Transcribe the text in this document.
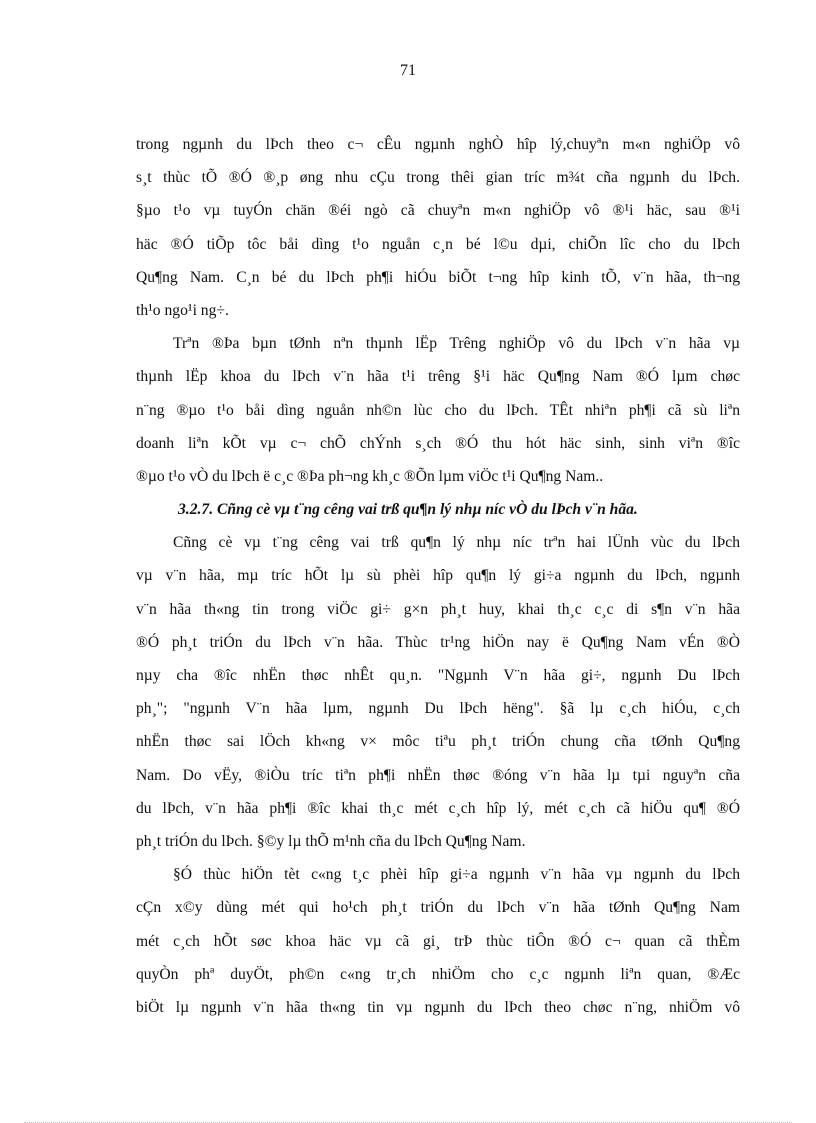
71
trong ngµnh du lÞch theo c¬ cÊu ngµnh nghÒ hîp lý,chuyªn m«n nghiÖp vô
s¸t thùc tÕ ®Ó ®¸p øng nhu cÇu trong thêi gian tríc m¾t cña ngµnh du lÞch.
§µo t¹o vµ tuyÓn chän ®éi ngò cã chuyªn m«n nghiÖp vô ®¹i häc, sau ®¹i
häc ®Ó tiÕp tôc båi dìng t¹o nguån c¸n bé l©u dµi, chiÕn lîc cho du lÞch
Qu¶ng Nam. C¸n bé du lÞch ph¶i hiÓu biÕt t¬ng hîp kinh tÕ, v¨n hãa, th¬ng
th¹o ngo¹i ng÷.
Trªn ®Þa bµn tØnh nªn thµnh lËp Trêng nghiÖp vô du lÞch v¨n hãa vµ
thµnh lËp khoa du lÞch v¨n hãa t¹i trêng §¹i häc Qu¶ng Nam ®Ó lµm chøc
n¨ng ®µo t¹o båi dìng nguån nh©n lùc cho du lÞch. TÊt nhiªn ph¶i cã sù liªn
doanh liªn kÕt vµ c¬ chÕ chÝnh s¸ch ®Ó thu hót häc sinh, sinh viªn ®îc
®µo t¹o vÒ du lÞch ë c¸c ®Þa ph¬ng kh¸c ®Õn lµm viÖc t¹i Qu¶ng Nam..
3.2.7. Cñng cè vµ t¨ng cêng vai trß qu¶n lý nhµ níc vÒ du lÞch v¨n hãa.
Cñng cè vµ t¨ng cêng vai trß qu¶n lý nhµ níc trªn hai lÜnh vùc du lÞch
vµ v¨n hãa, mµ tríc hÕt lµ sù phèi hîp qu¶n lý gi÷a ngµnh du lÞch, ngµnh
v¨n hãa th«ng tin trong viÖc gi÷ g×n ph¸t huy, khai th¸c c¸c di s¶n v¨n hãa
®Ó ph¸t triÓn du lÞch v¨n hãa. Thùc tr¹ng hiÖn nay ë Qu¶ng Nam vÉn ®Ò
nµy cha ®îc nhËn thøc nhÊt qu¸n. "Ngµnh V¨n hãa gi÷, ngµnh Du lÞch
ph¸"; "ngµnh V¨n hãa lµm, ngµnh Du lÞch hëng". §ã lµ c¸ch hiÓu, c¸ch
nhËn thøc sai lÖch kh«ng v× môc tiªu ph¸t triÓn chung cña tØnh Qu¶ng
Nam. Do vËy, ®iÒu tríc tiªn ph¶i nhËn thøc ®óng v¨n hãa lµ tµi nguyªn cña
du lÞch, v¨n hãa ph¶i ®îc khai th¸c mét c¸ch hîp lý, mét c¸ch cã hiÖu qu¶ ®Ó
ph¸t triÓn du lÞch. §©y lµ thÕ m¹nh cña du lÞch Qu¶ng Nam.
§Ó thùc hiÖn tèt c«ng t¸c phèi hîp gi÷a ngµnh v¨n hãa vµ ngµnh du lÞch
cÇn x©y dùng mét qui ho¹ch ph¸t triÓn du lÞch v¨n hãa tØnh Qu¶ng Nam
mét c¸ch hÕt søc khoa häc vµ cã gi¸ trÞ thùc tiÔn ®Ó c¬ quan cã thÈm
quyÒn phª duyÖt, ph©n c«ng tr¸ch nhiÖm cho c¸c ngµnh liªn quan, ®Æc
biÖt lµ ngµnh v¨n hãa th«ng tin vµ ngµnh du lÞch theo chøc n¨ng, nhiÖm vô
